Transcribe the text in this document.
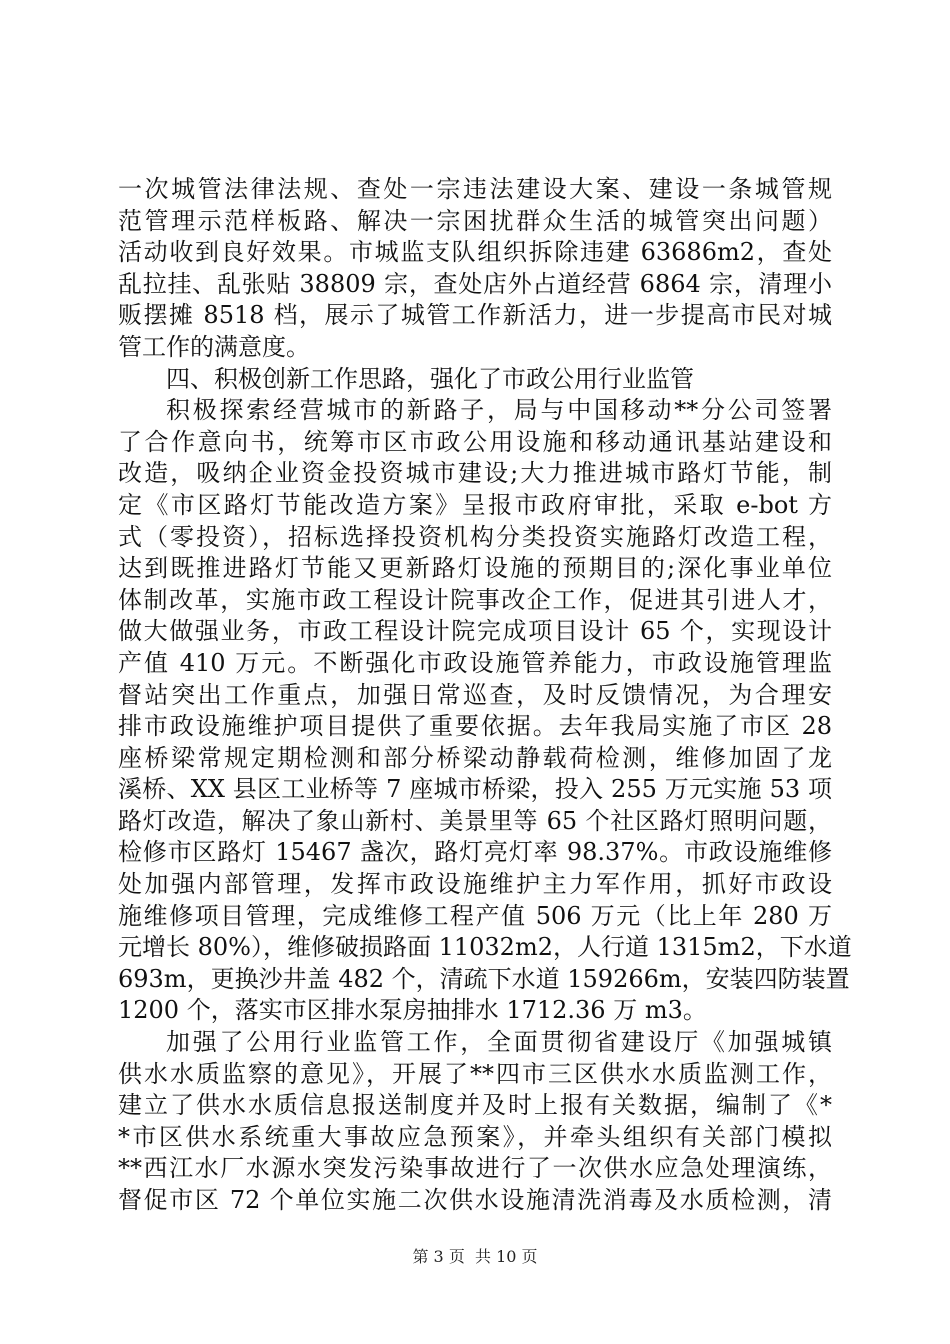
一次城管法律法规、查处一宗违法建设大案、建设一条城管规
范管理示范样板路、解决一宗困扰群众生活的城管突出问题）
活动收到良好效果。市城监支队组织拆除违建 63686m2，查处
乱拉挂、乱张贴 38809 宗，查处店外占道经营 6864 宗，清理小
贩摆摊 8518 档，展示了城管工作新活力，进一步提高市民对城
管工作的满意度。
四、积极创新工作思路，强化了市政公用行业监管
积极探索经营城市的新路子，局与中国移动**分公司签署
了合作意向书，统筹市区市政公用设施和移动通讯基站建设和
改造，吸纳企业资金投资城市建设;大力推进城市路灯节能，制
定《市区路灯节能改造方案》呈报市政府审批，采取 e-bot 方
式（零投资），招标选择投资机构分类投资实施路灯改造工程，
达到既推进路灯节能又更新路灯设施的预期目的;深化事业单位
体制改革，实施市政工程设计院事改企工作，促进其引进人才，
做大做强业务，市政工程设计院完成项目设计 65 个，实现设计
产值 410 万元。不断强化市政设施管养能力，市政设施管理监
督站突出工作重点，加强日常巡查，及时反馈情况，为合理安
排市政设施维护项目提供了重要依据。去年我局实施了市区 28
座桥梁常规定期检测和部分桥梁动静载荷检测，维修加固了龙
溪桥、XX 县区工业桥等 7 座城市桥梁，投入 255 万元实施 53 项
路灯改造，解决了象山新村、美景里等 65 个社区路灯照明问题，
检修市区路灯 15467 盏次，路灯亮灯率 98.37%。市政设施维修
处加强内部管理，发挥市政设施维护主力军作用，抓好市政设
施维修项目管理，完成维修工程产值 506 万元（比上年 280 万
元增长 80%），维修破损路面 11032m2，人行道 1315m2，下水道
693m，更换沙井盖 482 个，清疏下水道 159266m，安装四防装置
1200 个，落实市区排水泵房抽排水 1712.36 万 m3。
加强了公用行业监管工作，全面贯彻省建设厅《加强城镇
供水水质监察的意见》，开展了**四市三区供水水质监测工作，
建立了供水水质信息报送制度并及时上报有关数据，编制了《*
*市区供水系统重大事故应急预案》，并牵头组织有关部门模拟
**西江水厂水源水突发污染事故进行了一次供水应急处理演练，
督促市区 72 个单位实施二次供水设施清洗消毒及水质检测，清
第 3 页  共 10 页
